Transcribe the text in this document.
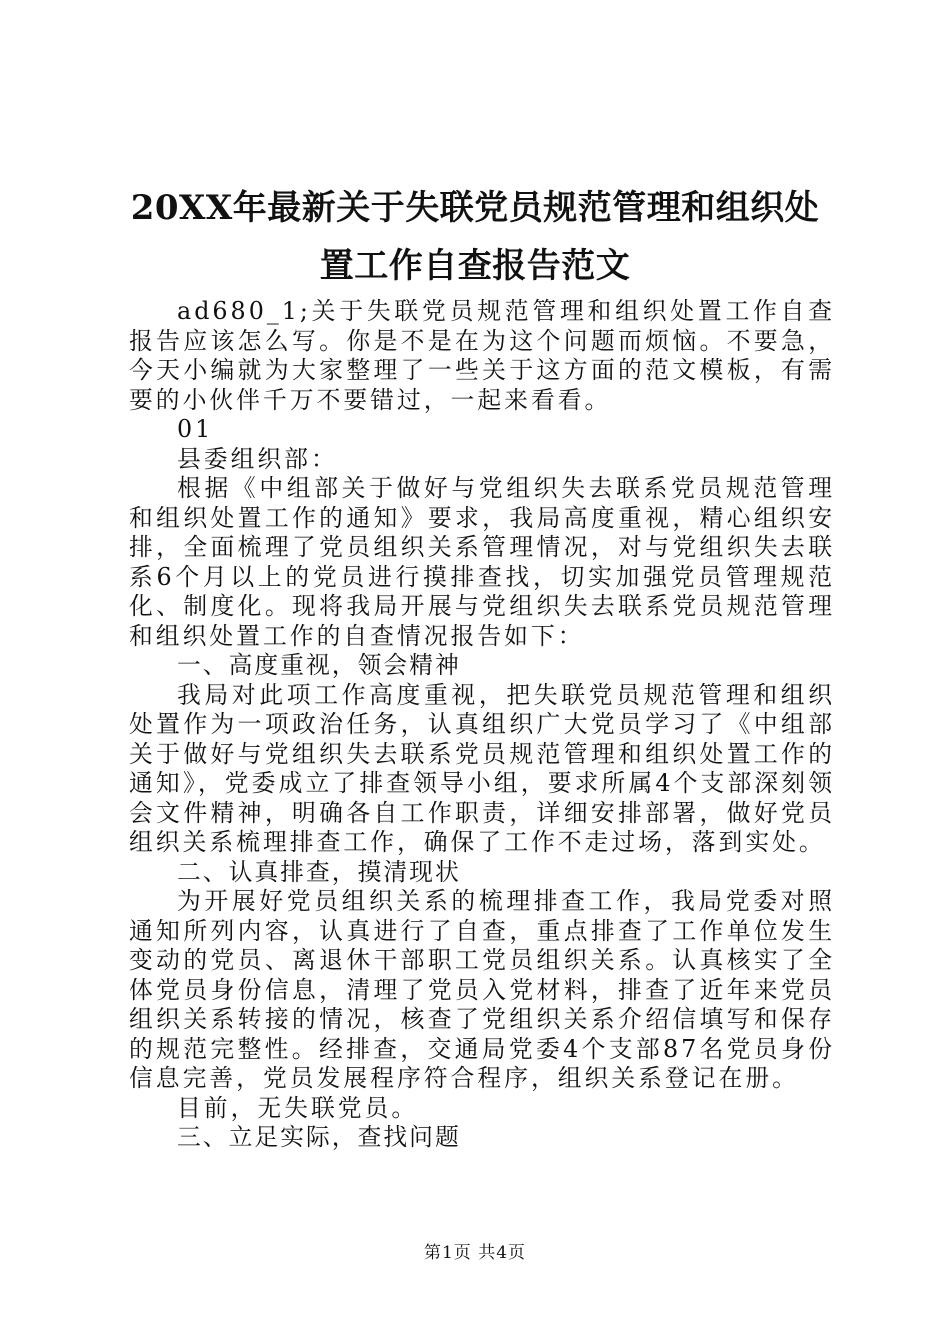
20XX年最新关于失联党员规范管理和组织处
置工作自查报告范文

ad680_1;关于失联党员规范管理和组织处置工作自查报告应该怎么写。你是不是在为这个问题而烦恼。不要急，今天小编就为大家整理了一些关于这方面的范文模板，有需要的小伙伴千万不要错过，一起来看看。

01

县委组织部：

根据《中组部关于做好与党组织失去联系党员规范管理和组织处置工作的通知》要求，我局高度重视，精心组织安排，全面梳理了党员组织关系管理情况，对与党组织失去联系6个月以上的党员进行摸排查找，切实加强党员管理规范化、制度化。现将我局开展与党组织失去联系党员规范管理和组织处置工作的自查情况报告如下：

一、高度重视，领会精神

我局对此项工作高度重视，把失联党员规范管理和组织处置作为一项政治任务，认真组织广大党员学习了《中组部关于做好与党组织失去联系党员规范管理和组织处置工作的通知》，党委成立了排查领导小组，要求所属4个支部深刻领会文件精神，明确各自工作职责，详细安排部署，做好党员组织关系梳理排查工作，确保了工作不走过场，落到实处。

二、认真排查，摸清现状

为开展好党员组织关系的梳理排查工作，我局党委对照通知所列内容，认真进行了自查，重点排查了工作单位发生变动的党员、离退休干部职工党员组织关系。认真核实了全体党员身份信息，清理了党员入党材料，排查了近年来党员组织关系转接的情况，核查了党组织关系介绍信填写和保存的规范完整性。经排查，交通局党委4个支部87名党员身份信息完善，党员发展程序符合程序，组织关系登记在册。

目前，无失联党员。

三、立足实际，查找问题

第1页 共4页
